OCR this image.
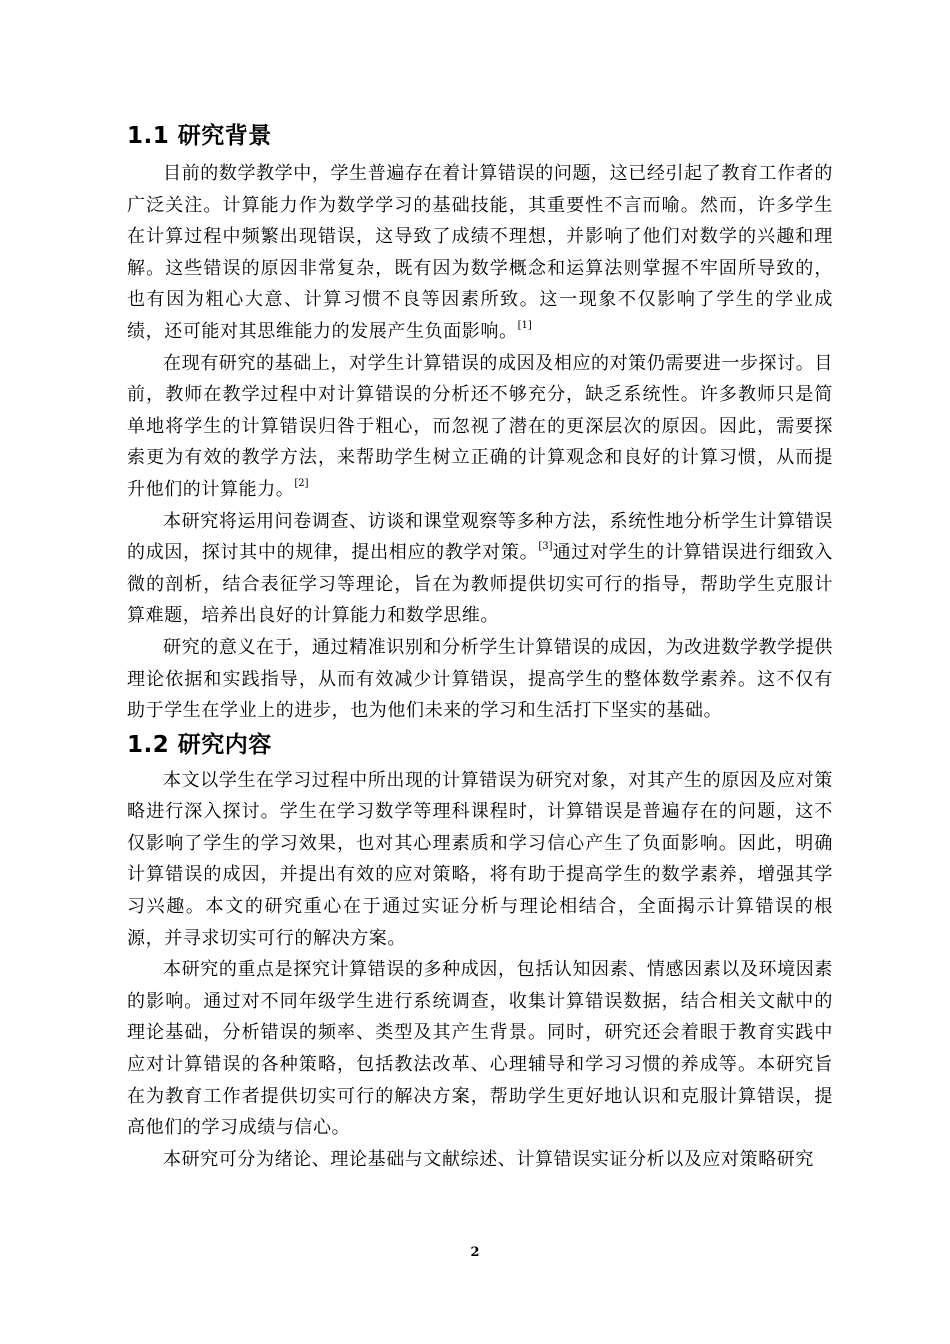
1.1 研究背景

目前的数学教学中，学生普遍存在着计算错误的问题，这已经引起了教育工作者的广泛关注。计算能力作为数学学习的基础技能，其重要性不言而喻。然而，许多学生在计算过程中频繁出现错误，这导致了成绩不理想，并影响了他们对数学的兴趣和理解。这些错误的原因非常复杂，既有因为数学概念和运算法则掌握不牢固所导致的，也有因为粗心大意、计算习惯不良等因素所致。这一现象不仅影响了学生的学业成绩，还可能对其思维能力的发展产生负面影响。[1]

在现有研究的基础上，对学生计算错误的成因及相应的对策仍需要进一步探讨。目前，教师在教学过程中对计算错误的分析还不够充分，缺乏系统性。许多教师只是简单地将学生的计算错误归咎于粗心，而忽视了潜在的更深层次的原因。因此，需要探索更为有效的教学方法，来帮助学生树立正确的计算观念和良好的计算习惯，从而提升他们的计算能力。[2]

本研究将运用问卷调查、访谈和课堂观察等多种方法，系统性地分析学生计算错误的成因，探讨其中的规律，提出相应的教学对策。[3]通过对学生的计算错误进行细致入微的剖析，结合表征学习等理论，旨在为教师提供切实可行的指导，帮助学生克服计算难题，培养出良好的计算能力和数学思维。

研究的意义在于，通过精准识别和分析学生计算错误的成因，为改进数学教学提供理论依据和实践指导，从而有效减少计算错误，提高学生的整体数学素养。这不仅有助于学生在学业上的进步，也为他们未来的学习和生活打下坚实的基础。

1.2 研究内容

本文以学生在学习过程中所出现的计算错误为研究对象，对其产生的原因及应对策略进行深入探讨。学生在学习数学等理科课程时，计算错误是普遍存在的问题，这不仅影响了学生的学习效果，也对其心理素质和学习信心产生了负面影响。因此，明确计算错误的成因，并提出有效的应对策略，将有助于提高学生的数学素养，增强其学习兴趣。本文的研究重心在于通过实证分析与理论相结合，全面揭示计算错误的根源，并寻求切实可行的解决方案。

本研究的重点是探究计算错误的多种成因，包括认知因素、情感因素以及环境因素的影响。通过对不同年级学生进行系统调查，收集计算错误数据，结合相关文献中的理论基础，分析错误的频率、类型及其产生背景。同时，研究还会着眼于教育实践中应对计算错误的各种策略，包括教法改革、心理辅导和学习习惯的养成等。本研究旨在为教育工作者提供切实可行的解决方案，帮助学生更好地认识和克服计算错误，提高他们的学习成绩与信心。

本研究可分为绪论、理论基础与文献综述、计算错误实证分析以及应对策略研究

2
